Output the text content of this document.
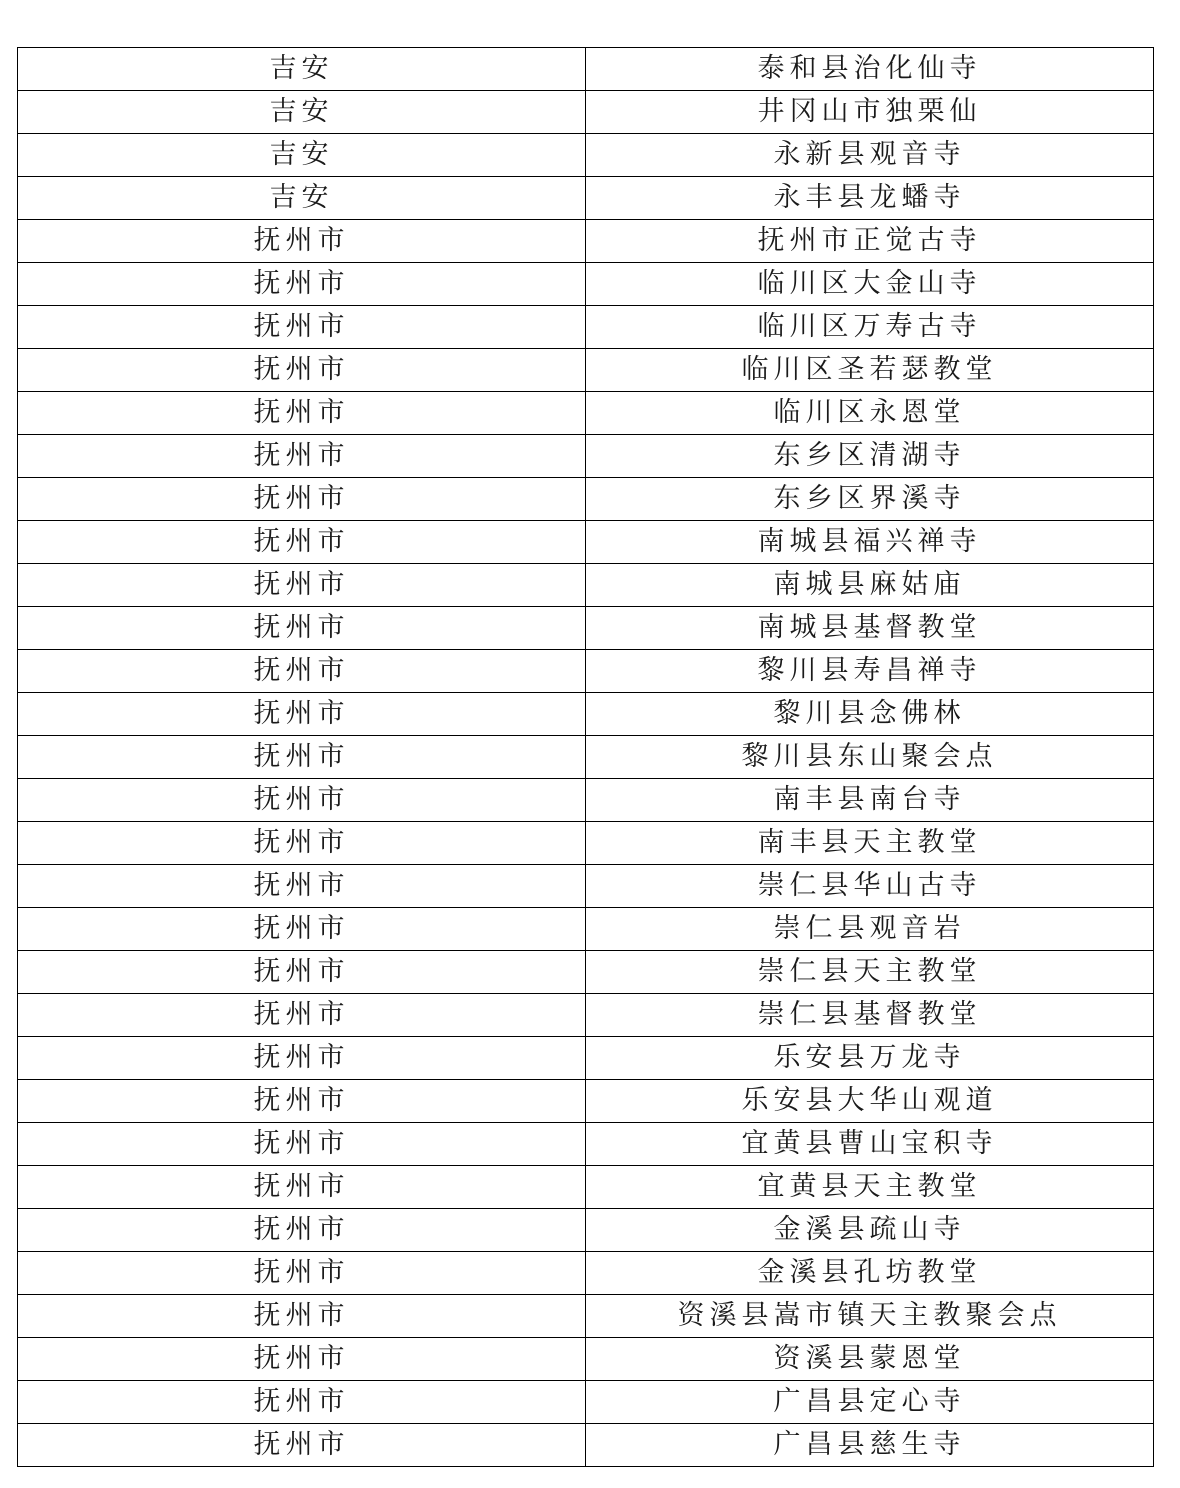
吉安	泰和县治化仙寺
吉安	井冈山市独栗仙
吉安	永新县观音寺
吉安	永丰县龙蟠寺
抚州市	抚州市正觉古寺
抚州市	临川区大金山寺
抚州市	临川区万寿古寺
抚州市	临川区圣若瑟教堂
抚州市	临川区永恩堂
抚州市	东乡区清湖寺
抚州市	东乡区界溪寺
抚州市	南城县福兴禅寺
抚州市	南城县麻姑庙
抚州市	南城县基督教堂
抚州市	黎川县寿昌禅寺
抚州市	黎川县念佛林
抚州市	黎川县东山聚会点
抚州市	南丰县南台寺
抚州市	南丰县天主教堂
抚州市	崇仁县华山古寺
抚州市	崇仁县观音岩
抚州市	崇仁县天主教堂
抚州市	崇仁县基督教堂
抚州市	乐安县万龙寺
抚州市	乐安县大华山观道
抚州市	宜黄县曹山宝积寺
抚州市	宜黄县天主教堂
抚州市	金溪县疏山寺
抚州市	金溪县孔坊教堂
抚州市	资溪县嵩市镇天主教聚会点
抚州市	资溪县蒙恩堂
抚州市	广昌县定心寺
抚州市	广昌县慈生寺
